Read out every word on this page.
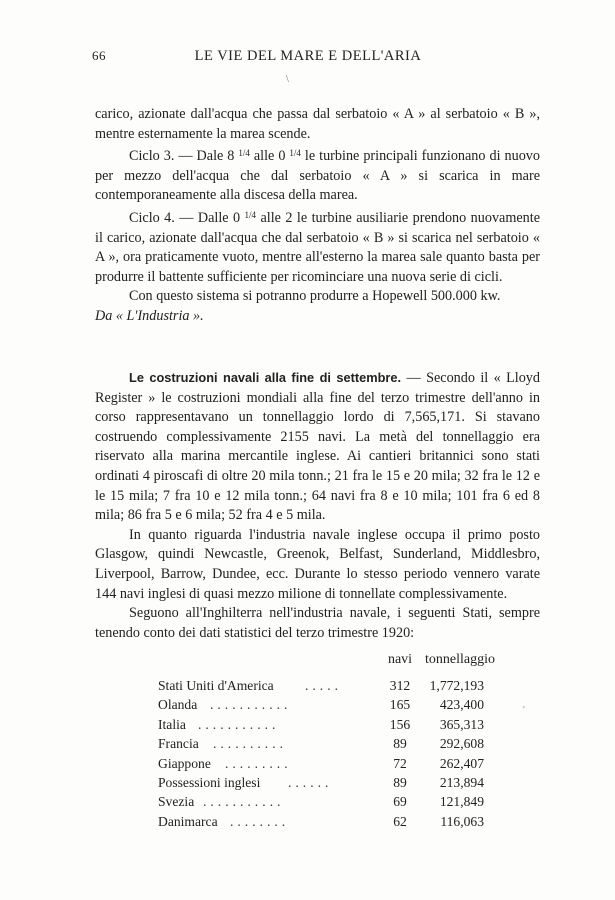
66	LE VIE DEL MARE E DELL'ARIA
\
'

carico, azionate dall'acqua che passa dal serbatoio « A » al serbatoio « B », mentre esternamente la marea scende.

Ciclo 3. — Dale 8 $^{1/4}$ alle 0 $^{1/4}$ le turbine principali funzionano di nuovo per mezzo dell'acqua che dal serbatoio « A » si scarica in mare contemporaneamente alla discesa della marea.

Ciclo 4. — Dalle 0 $^{1/4}$ alle 2 le turbine ausiliarie prendono nuovamente il carico, azionate dall'acqua che dal serbatoio « B » si scarica nel serbatoio « A », ora praticamente vuoto, mentre all'esterno la marea sale quanto basta per produrre il battente sufficiente per ricominciare una nuova serie di cicli.

Con questo sistema si potranno produrre a Hopewell 500.000 kw.

Da « L'Industria ».

Le costruzioni navali alla fine di settembre. — Secondo il « Lloyd Register » le costruzioni mondiali alla fine del terzo trimestre dell'anno in corso rappresentavano un tonnellaggio lordo di 7,565,171. Si stavano costruendo complessivamente 2155 navi. La metà del tonnellaggio era riservato alla marina mercantile inglese. Ai cantieri britannici sono stati ordinati 4 piroscafi di oltre 20 mila tonn.; 21 fra le 15 e 20 mila; 32 fra le 12 e le 15 mila; 7 fra 10 e 12 mila tonn.; 64 navi fra 8 e 10 mila; 101 fra 6 ed 8 mila; 86 fra 5 e 6 mila; 52 fra 4 e 5 mila.

In quanto riguarda l'industria navale inglese occupa il primo posto Glasgow, quindi Newcastle, Greenok, Belfast, Sunderland, Middlesbro, Liverpool, Barrow, Dundee, ecc. Durante lo stesso periodo vennero varate 144 navi inglesi di quasi mezzo milione di tonnellate complessivamente.

Seguono all'Inghilterra nell'industria navale, i seguenti Stati, sempre tenendo conto dei dati statistici del terzo trimestre 1920:

navi tonnellaggio
Stati Uniti d'America .....	312	1,772,193
Olanda ...........	165	423,400
Italia ...........	156	365,313
Francia ..........	89	292,608
Giappone .........	72	262,407
Possessioni inglesi ......	89	213,894
Svezia ...........	69	121,849
Danimarca ........	62	116,063
